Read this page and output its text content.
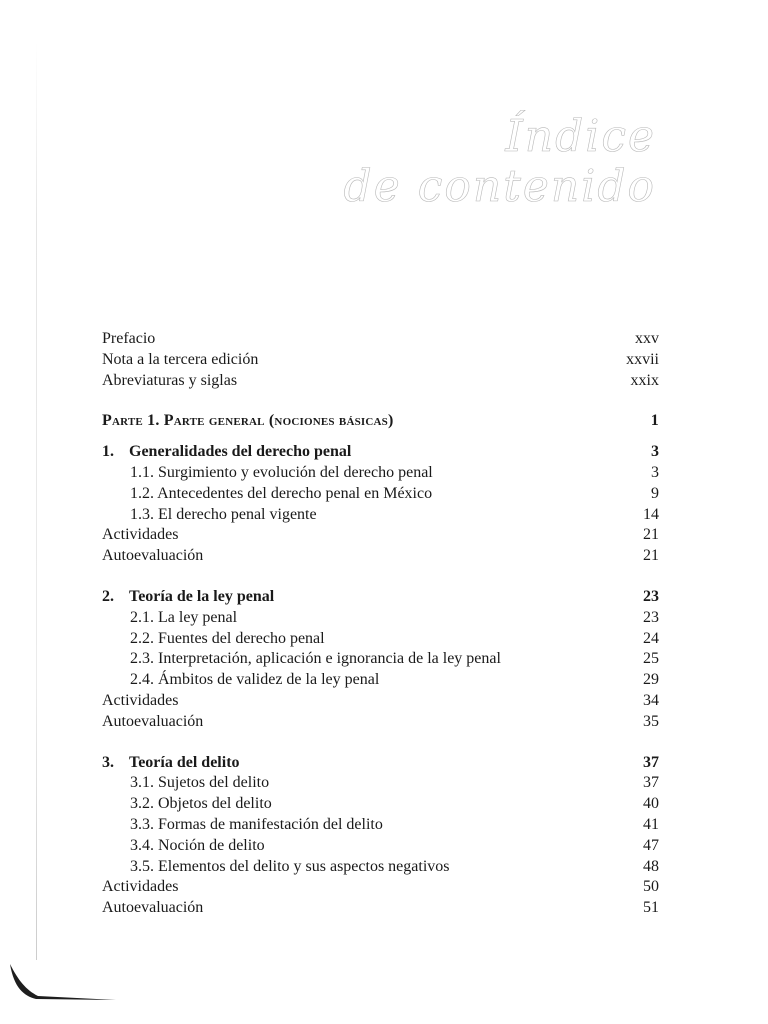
Índice
de contenido
Prefacio	xxv
Nota a la tercera edición	xxvii
Abreviaturas y siglas	xxix
Parte 1. Parte general (nociones básicas)	1
1. Generalidades del derecho penal	3
1.1. Surgimiento y evolución del derecho penal	3
1.2. Antecedentes del derecho penal en México	9
1.3. El derecho penal vigente	14
Actividades	21
Autoevaluación	21
2. Teoría de la ley penal	23
2.1. La ley penal	23
2.2. Fuentes del derecho penal	24
2.3. Interpretación, aplicación e ignorancia de la ley penal	25
2.4. Ámbitos de validez de la ley penal	29
Actividades	34
Autoevaluación	35
3. Teoría del delito	37
3.1. Sujetos del delito	37
3.2. Objetos del delito	40
3.3. Formas de manifestación del delito	41
3.4. Noción de delito	47
3.5. Elementos del delito y sus aspectos negativos	48
Actividades	50
Autoevaluación	51
